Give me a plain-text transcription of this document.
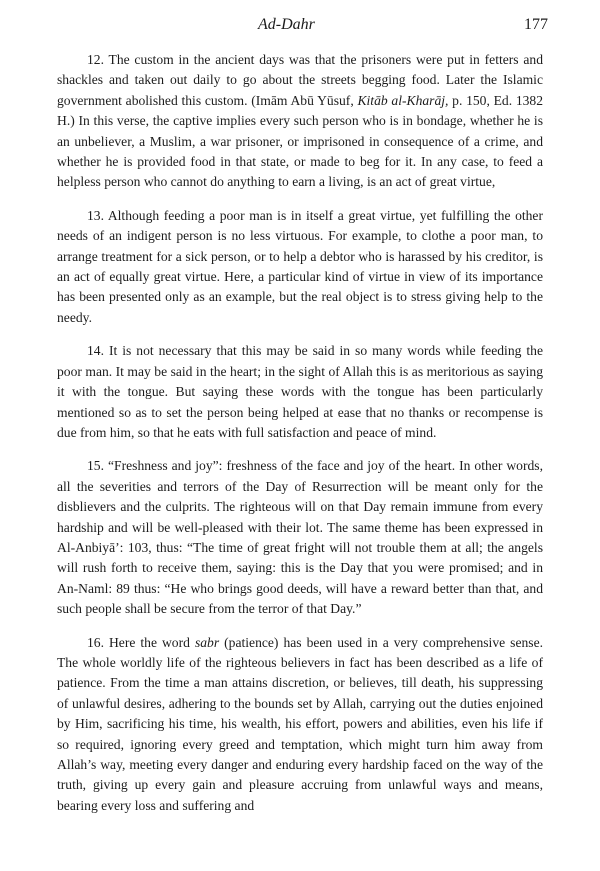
Ad-Dahr	177

12. The custom in the ancient days was that the prisoners were put in fetters and shackles and taken out daily to go about the streets begging food. Later the Islamic government abolished this custom. (Imām Abū Yūsuf, Kitāb al-Kharāj, p. 150, Ed. 1382 H.) In this verse, the captive implies every such person who is in bondage, whether he is an unbeliever, a Muslim, a war prisoner, or imprisoned in consequence of a crime, and whether he is provided food in that state, or made to beg for it. In any case, to feed a helpless person who cannot do anything to earn a living, is an act of great virtue,

13. Although feeding a poor man is in itself a great virtue, yet fulfilling the other needs of an indigent person is no less virtuous. For example, to clothe a poor man, to arrange treatment for a sick person, or to help a debtor who is harassed by his creditor, is an act of equally great virtue. Here, a particular kind of virtue in view of its importance has been presented only as an example, but the real object is to stress giving help to the needy.

14. It is not necessary that this may be said in so many words while feeding the poor man. It may be said in the heart; in the sight of Allah this is as meritorious as saying it with the tongue. But saying these words with the tongue has been particularly mentioned so as to set the person being helped at ease that no thanks or recompense is due from him, so that he eats with full satisfaction and peace of mind.

15. “Freshness and joy”: freshness of the face and joy of the heart. In other words, all the severities and terrors of the Day of Resurrection will be meant only for the disblievers and the culprits. The righteous will on that Day remain immune from every hardship and will be well-pleased with their lot. The same theme has been expressed in Al-Anbiyā’: 103, thus: “The time of great fright will not trouble them at all; the angels will rush forth to receive them, saying: this is the Day that you were promised; and in An-Naml: 89 thus: “He who brings good deeds, will have a reward better than that, and such people shall be secure from the terror of that Day.”

16. Here the word sabr (patience) has been used in a very comprehensive sense. The whole worldly life of the righteous believers in fact has been described as a life of patience. From the time a man attains discretion, or believes, till death, his suppressing of unlawful desires, adhering to the bounds set by Allah, carrying out the duties enjoined by Him, sacrificing his time, his wealth, his effort, powers and abilities, even his life if so required, ignoring every greed and temptation, which might turn him away from Allah’s way, meeting every danger and enduring every hardship faced on the way of the truth, giving up every gain and pleasure accruing from unlawful ways and means, bearing every loss and suffering and
